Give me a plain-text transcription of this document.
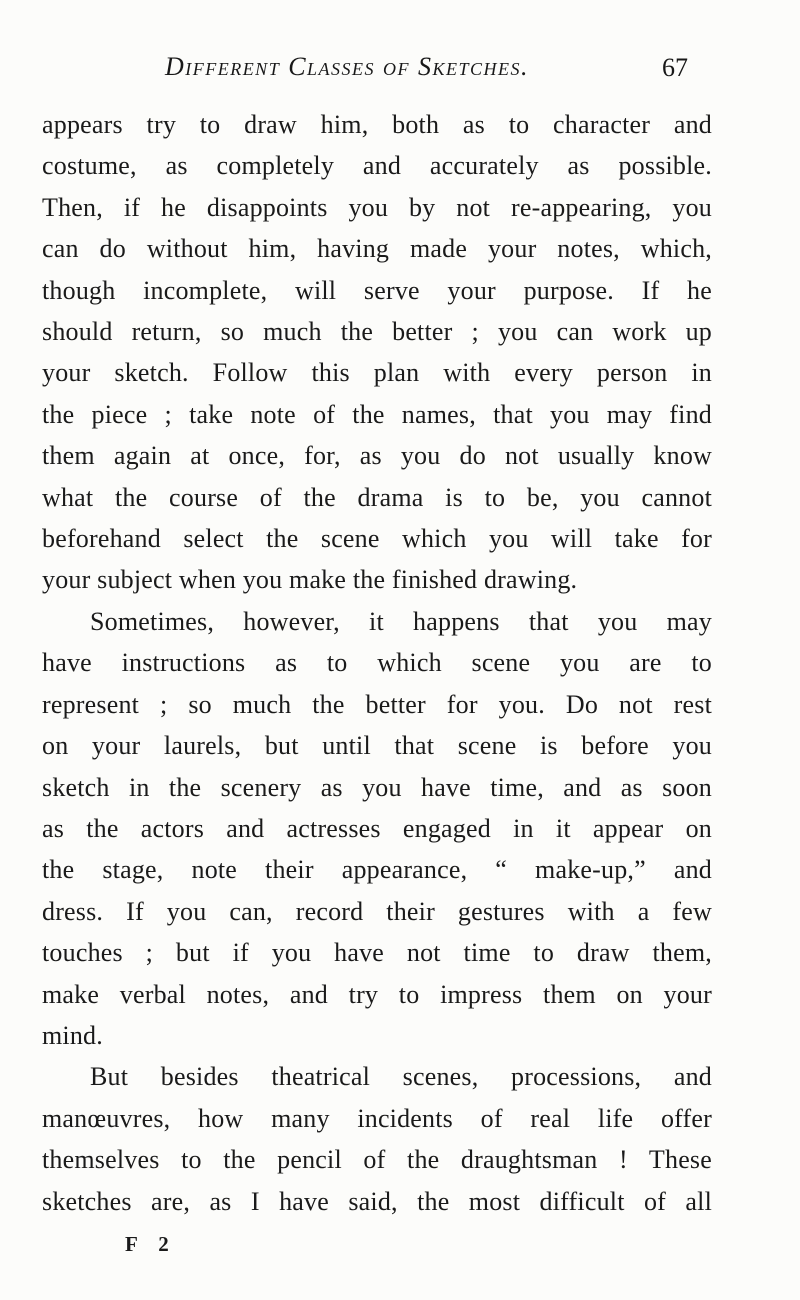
Different Classes of Sketches.	67
appears try to draw him, both as to character and
costume, as completely and accurately as possible.
Then, if he disappoints you by not re-appearing, you
can do without him, having made your notes, which,
though incomplete, will serve your purpose. If he
should return, so much the better ; you can work up
your sketch. Follow this plan with every person in
the piece ; take note of the names, that you may find
them again at once, for, as you do not usually know
what the course of the drama is to be, you cannot
beforehand select the scene which you will take for
your subject when you make the finished drawing.
Sometimes, however, it happens that you may
have instructions as to which scene you are to
represent ; so much the better for you. Do not rest
on your laurels, but until that scene is before you
sketch in the scenery as you have time, and as soon
as the actors and actresses engaged in it appear on
the stage, note their appearance, “ make-up,” and
dress. If you can, record their gestures with a few
touches ; but if you have not time to draw them,
make verbal notes, and try to impress them on your
mind.
But besides theatrical scenes, processions, and
manœuvres, how many incidents of real life offer
themselves to the pencil of the draughtsman ! These
sketches are, as I have said, the most difficult of all
F 2
